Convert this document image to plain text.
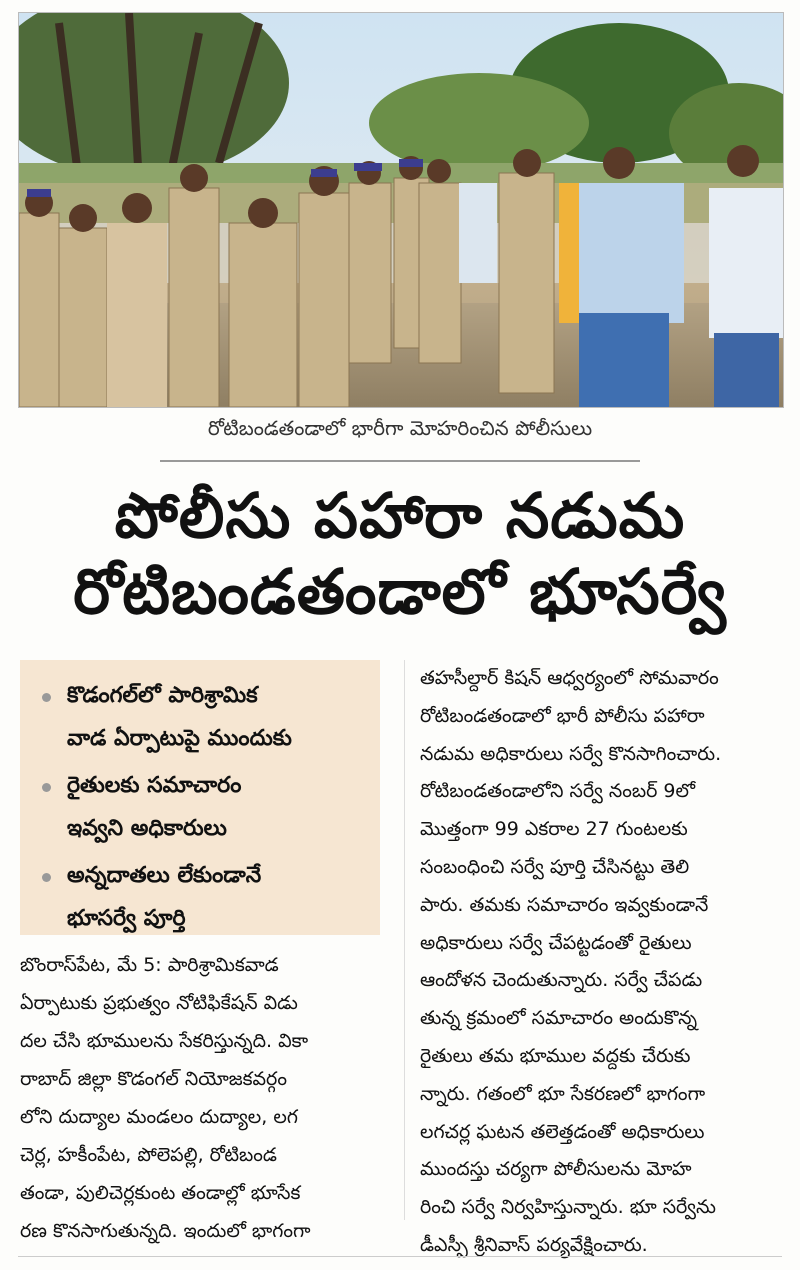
రోటిబండతండాలో భారీగా మోహరించిన పోలీసులు
పోలీసు పహారా నడుమ
రోటిబండతండాలో భూసర్వే
కొడంగల్‌లో పారిశ్రామిక
వాడ ఏర్పాటుపై ముందుకు
రైతులకు సమాచారం
ఇవ్వని అధికారులు
అన్నదాతలు లేకుండానే
భూసర్వే పూర్తి
బొంరాస్‌పేట, మే 5: పారిశ్రామికవాడ
ఏర్పాటుకు ప్రభుత్వం నోటిఫికేషన్ విడు
దల చేసి భూములను సేకరిస్తున్నది. వికా
రాబాద్ జిల్లా కొడంగల్ నియోజకవర్గం
లోని దుద్యాల మండలం దుద్యాల, లగ
చెర్ల, హకీంపేట, పోలెపల్లి, రోటిబండ
తండా, పులిచెర్లకుంట తండాల్లో భూసేక
రణ కొనసాగుతున్నది. ఇందులో భాగంగా
తహసీల్దార్ కిషన్ ఆధ్వర్యంలో సోమవారం
రోటిబండతండాలో భారీ పోలీసు పహారా
నడుమ అధికారులు సర్వే కొనసాగించారు.
రోటిబండతండాలోని సర్వే నంబర్ 9లో
మొత్తంగా 99 ఎకరాల 27 గుంటలకు
సంబంధించి సర్వే పూర్తి చేసినట్టు తెలి
పారు. తమకు సమాచారం ఇవ్వకుండానే
అధికారులు సర్వే చేపట్టడంతో రైతులు
ఆందోళన చెందుతున్నారు. సర్వే చేపడు
తున్న క్రమంలో సమాచారం అందుకొన్న
రైతులు తమ భూముల వద్దకు చేరుకు
న్నారు. గతంలో భూ సేకరణలో భాగంగా
లగచర్ల ఘటన తలెత్తడంతో అధికారులు
ముందస్తు చర్యగా పోలీసులను మోహ
రించి సర్వే నిర్వహిస్తున్నారు. భూ సర్వేను
డీఎస్పీ శ్రీనివాస్ పర్యవేక్షించారు.
